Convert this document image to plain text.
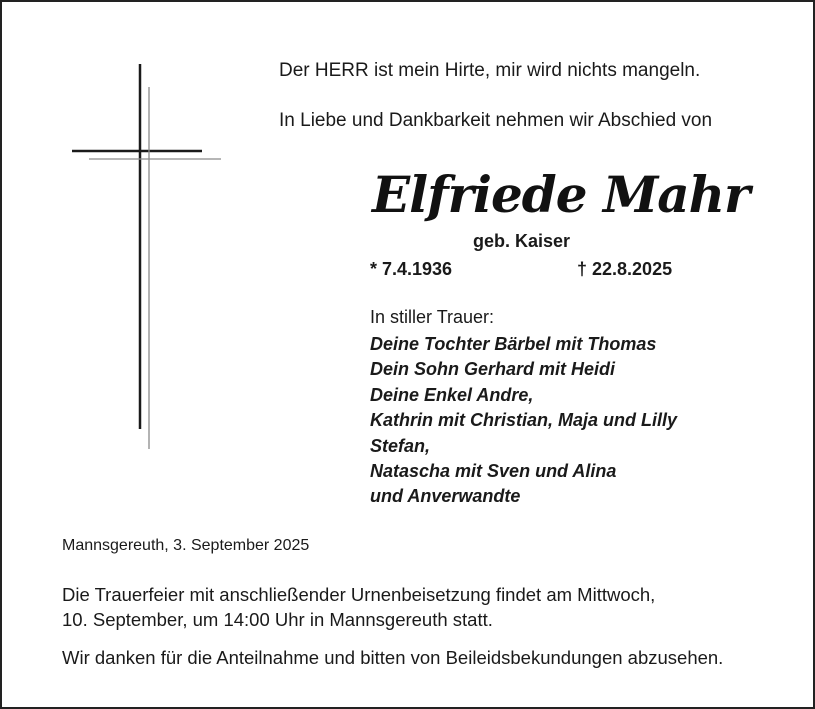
Der HERR ist mein Hirte, mir wird nichts mangeln.
In Liebe und Dankbarkeit nehmen wir Abschied von
Elfriede Mahr
geb. Kaiser
* 7.4.1936	† 22.8.2025
In stiller Trauer:
Deine Tochter Bärbel mit Thomas
Dein Sohn Gerhard mit Heidi
Deine Enkel Andre,
Kathrin mit Christian, Maja und Lilly
Stefan,
Natascha mit Sven und Alina
und Anverwandte
Mannsgereuth, 3. September 2025
Die Trauerfeier mit anschließender Urnenbeisetzung findet am Mittwoch,
10. September, um 14:00 Uhr in Mannsgereuth statt.
Wir danken für die Anteilnahme und bitten von Beileidsbekundungen abzusehen.
